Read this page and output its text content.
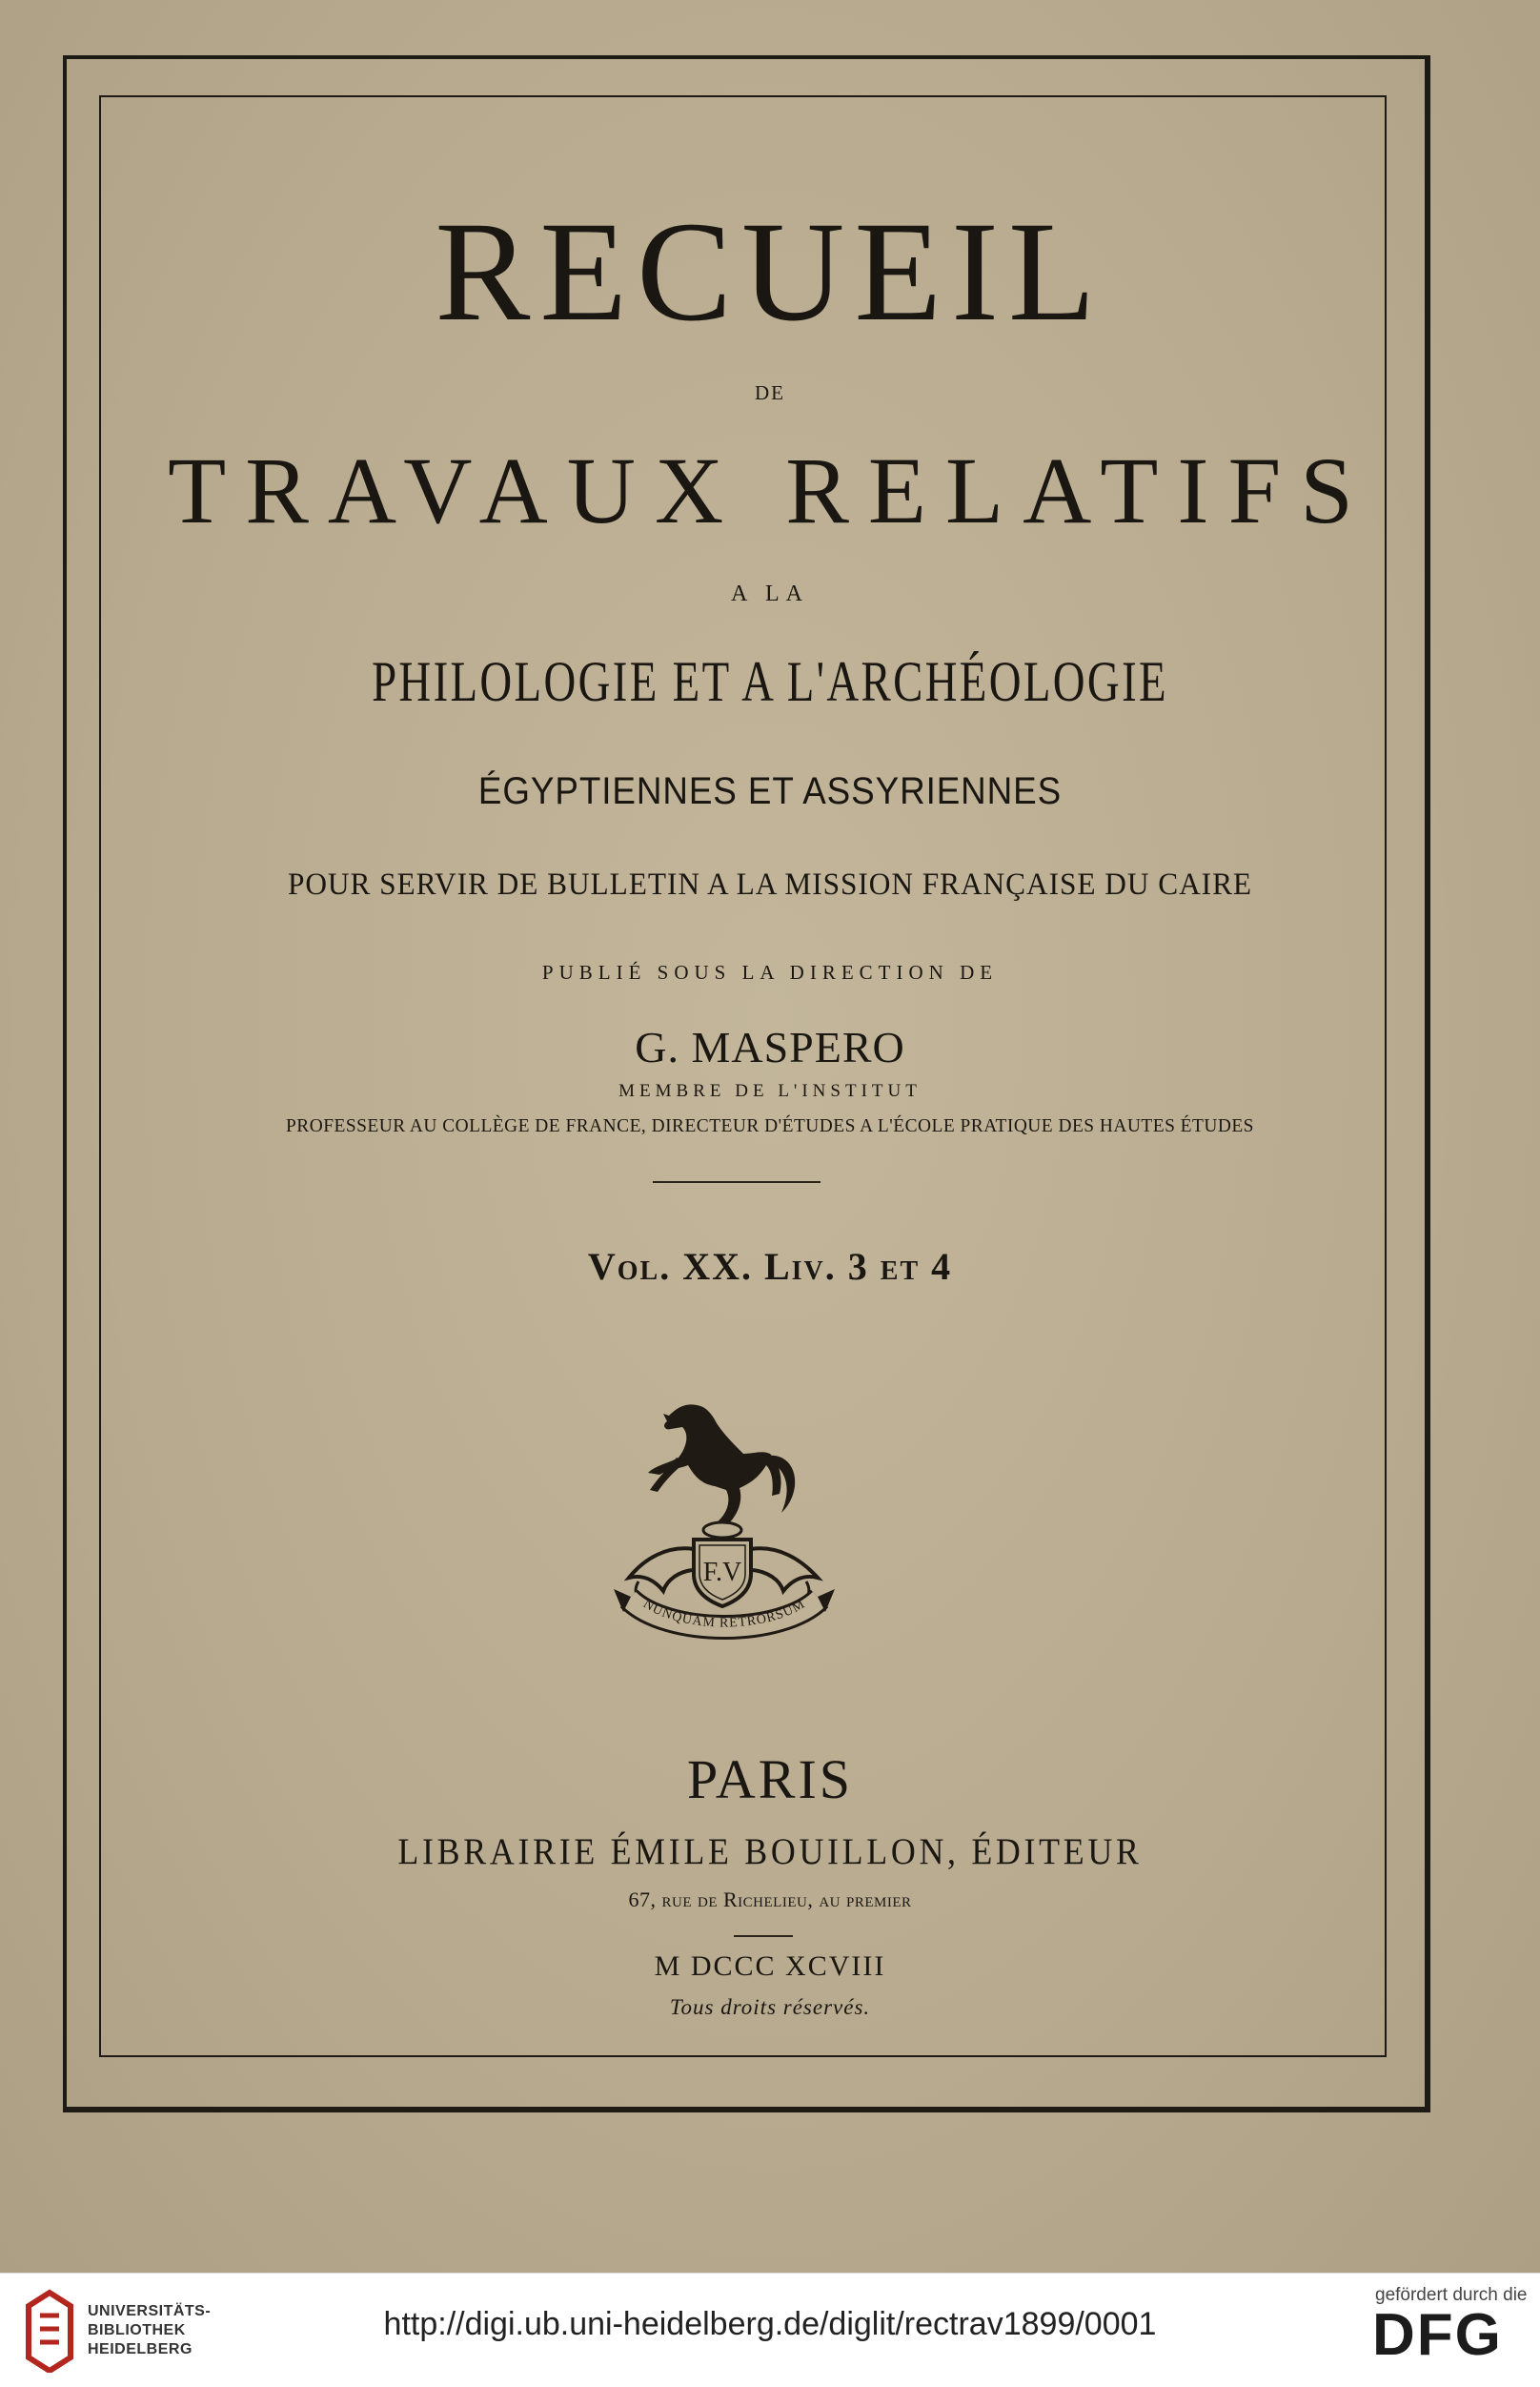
RECUEIL
DE
TRAVAUX RELATIFS
A LA
PHILOLOGIE ET A L'ARCHÉOLOGIE
ÉGYPTIENNES ET ASSYRIENNES
POUR SERVIR DE BULLETIN A LA MISSION FRANÇAISE DU CAIRE
PUBLIÉ SOUS LA DIRECTION DE
G. MASPERO
MEMBRE DE L'INSTITUT
PROFESSEUR AU COLLÈGE DE FRANCE, DIRECTEUR D'ÉTUDES A L'ÉCOLE PRATIQUE DES HAUTES ÉTUDES
Vol. XX. Liv. 3 et 4
F.V
NUNQUAM RETRORSUM
PARIS
LIBRAIRIE ÉMILE BOUILLON, ÉDITEUR
67, rue de Richelieu, au premier
M DCCC XCVIII
Tous droits réservés.
UNIVERSITÄTS-
BIBLIOTHEK
HEIDELBERG
http://digi.ub.uni-heidelberg.de/diglit/rectrav1899/0001
gefördert durch die
DFG
